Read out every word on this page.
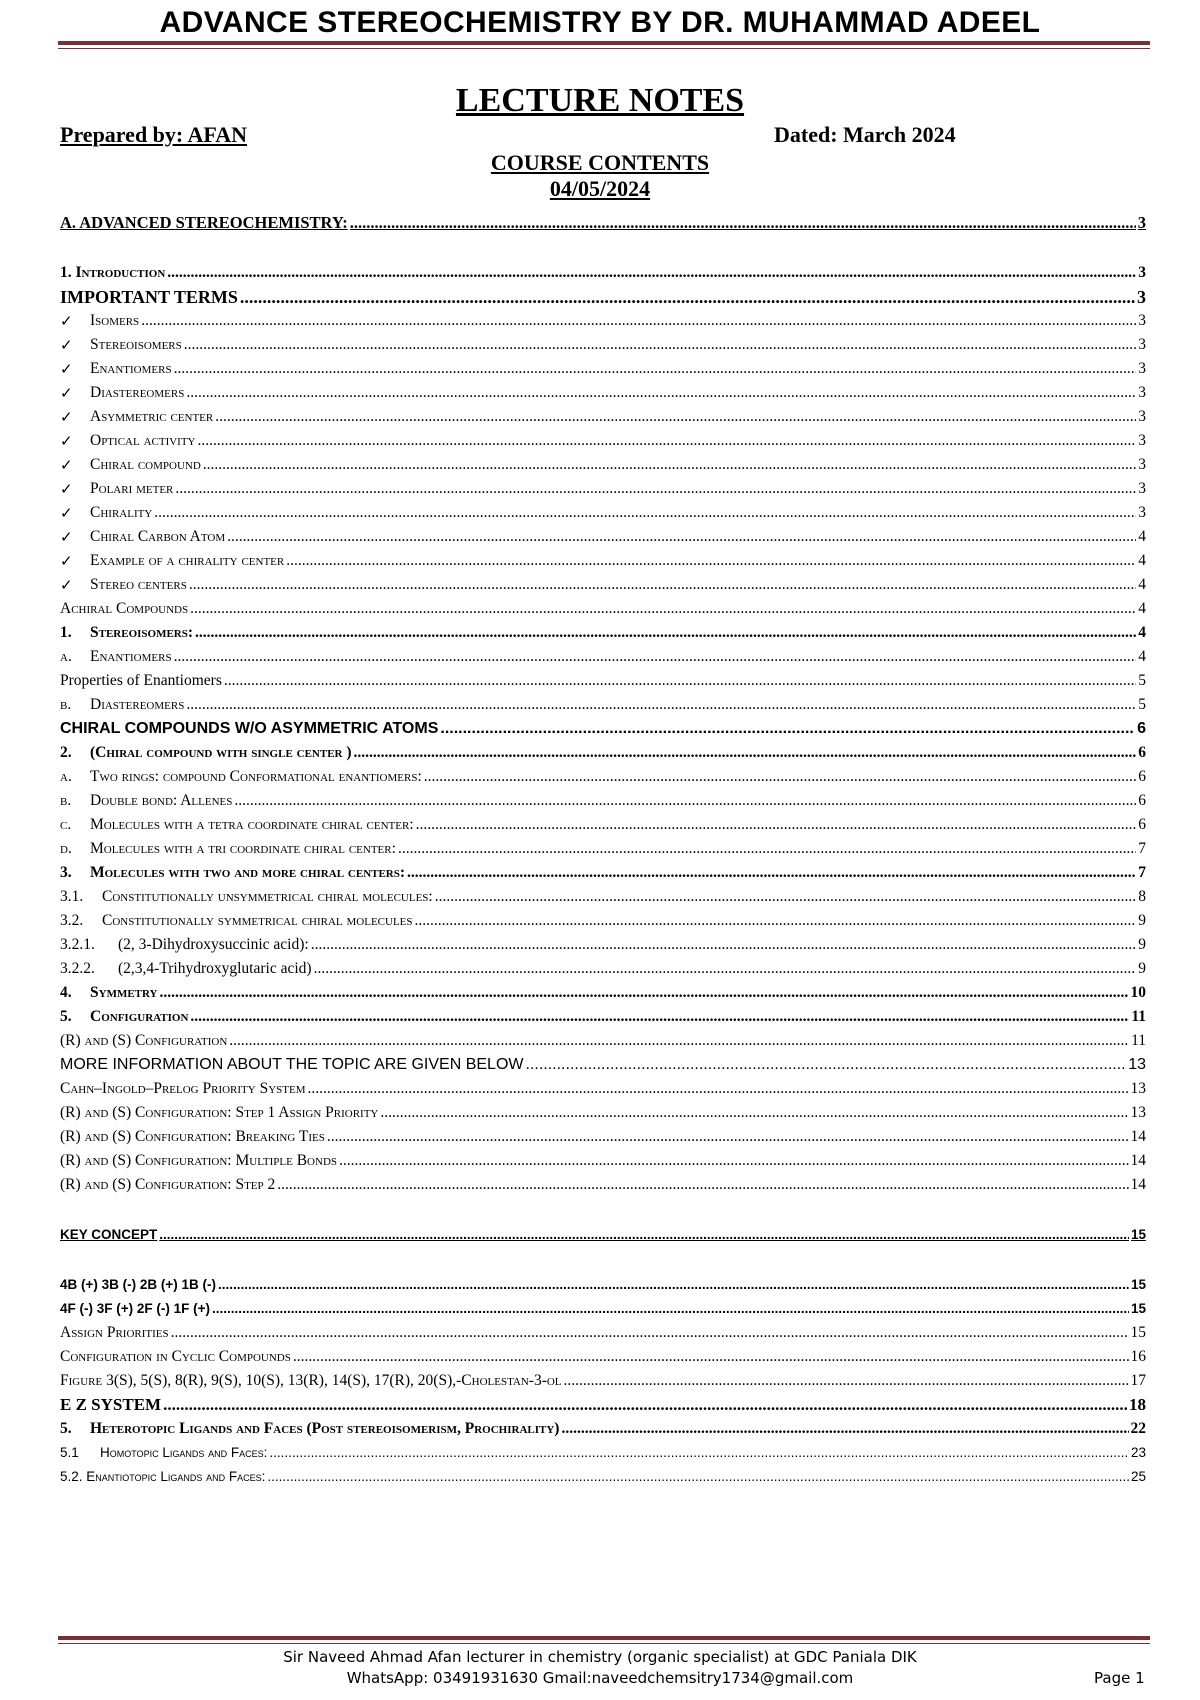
ADVANCE STEREOCHEMISTRY BY DR. MUHAMMAD ADEEL
LECTURE NOTES
Prepared by: AFAN	Dated: March 2024
COURSE CONTENTS
04/05/2024
A. ADVANCED STEREOCHEMISTRY: .....	3
1. Introduction .....	3
IMPORTANT TERMS .....	3
✓	Isomers .....	3
✓	Stereoisomers .....	3
✓	Enantiomers .....	3
✓	Diastereomers .....	3
✓	Asymmetric center .....	3
✓	Optical activity .....	3
✓	Chiral compound .....	3
✓	Polari meter .....	3
✓	Chirality .....	3
✓	Chiral Carbon Atom .....	4
✓	Example of a chirality center .....	4
✓	Stereo centers .....	4
Achiral Compounds .....	4
1.	Stereoisomers: .....	4
a.	Enantiomers .....	4
Properties of Enantiomers .....	5
b.	Diastereomers .....	5
CHIRAL COMPOUNDS W/O ASYMMETRIC ATOMS .....	6
2.	(Chiral compound with single center ) .....	6
a.	Two rings: compound Conformational enantiomers: .....	6
b.	Double bond: Allenes .....	6
c.	Molecules with a tetra coordinate chiral center: .....	6
d.	Molecules with a tri coordinate chiral center: .....	7
3.	Molecules with two and more chiral centers: .....	7
3.1.	Constitutionally unsymmetrical chiral molecules: .....	8
3.2.	Constitutionally symmetrical chiral molecules .....	9
3.2.1.	(2, 3-Dihydroxysuccinic acid): .....	9
3.2.2.	(2,3,4-Trihydroxyglutaric acid) .....	9
4.	Symmetry .....	10
5.	Configuration .....	11
(R) and (S) Configuration .....	11
MORE INFORMATION ABOUT THE TOPIC ARE GIVEN BELOW .....	13
Cahn–Ingold–Prelog Priority System .....	13
(R) and (S) Configuration: Step 1 Assign Priority .....	13
(R) and (S) Configuration: Breaking Ties .....	14
(R) and (S) Configuration: Multiple Bonds .....	14
(R) and (S) Configuration: Step 2 .....	14
KEY CONCEPT .....	15
4B (+) 3B (-) 2B (+) 1B (-) .....	15
4F (-) 3F (+) 2F (-) 1F (+) .....	15
Assign Priorities .....	15
Configuration in Cyclic Compounds .....	16
Figure 3(S), 5(S), 8(R), 9(S), 10(S), 13(R), 14(S), 17(R), 20(S),-Cholestan-3-ol .....	17
E Z SYSTEM .....	18
5.	Heterotopic Ligands and Faces (Post stereoisomerism, Prochirality) .....	22
5.1	Homotopic Ligands and Faces: .....	23
5.2. Enantiotopic Ligands and Faces: .....	25
Sir Naveed Ahmad Afan lecturer in chemistry (organic specialist) at GDC Paniala DIK
WhatsApp: 03491931630 Gmail:naveedchemsitry1734@gmail.com	Page 1
